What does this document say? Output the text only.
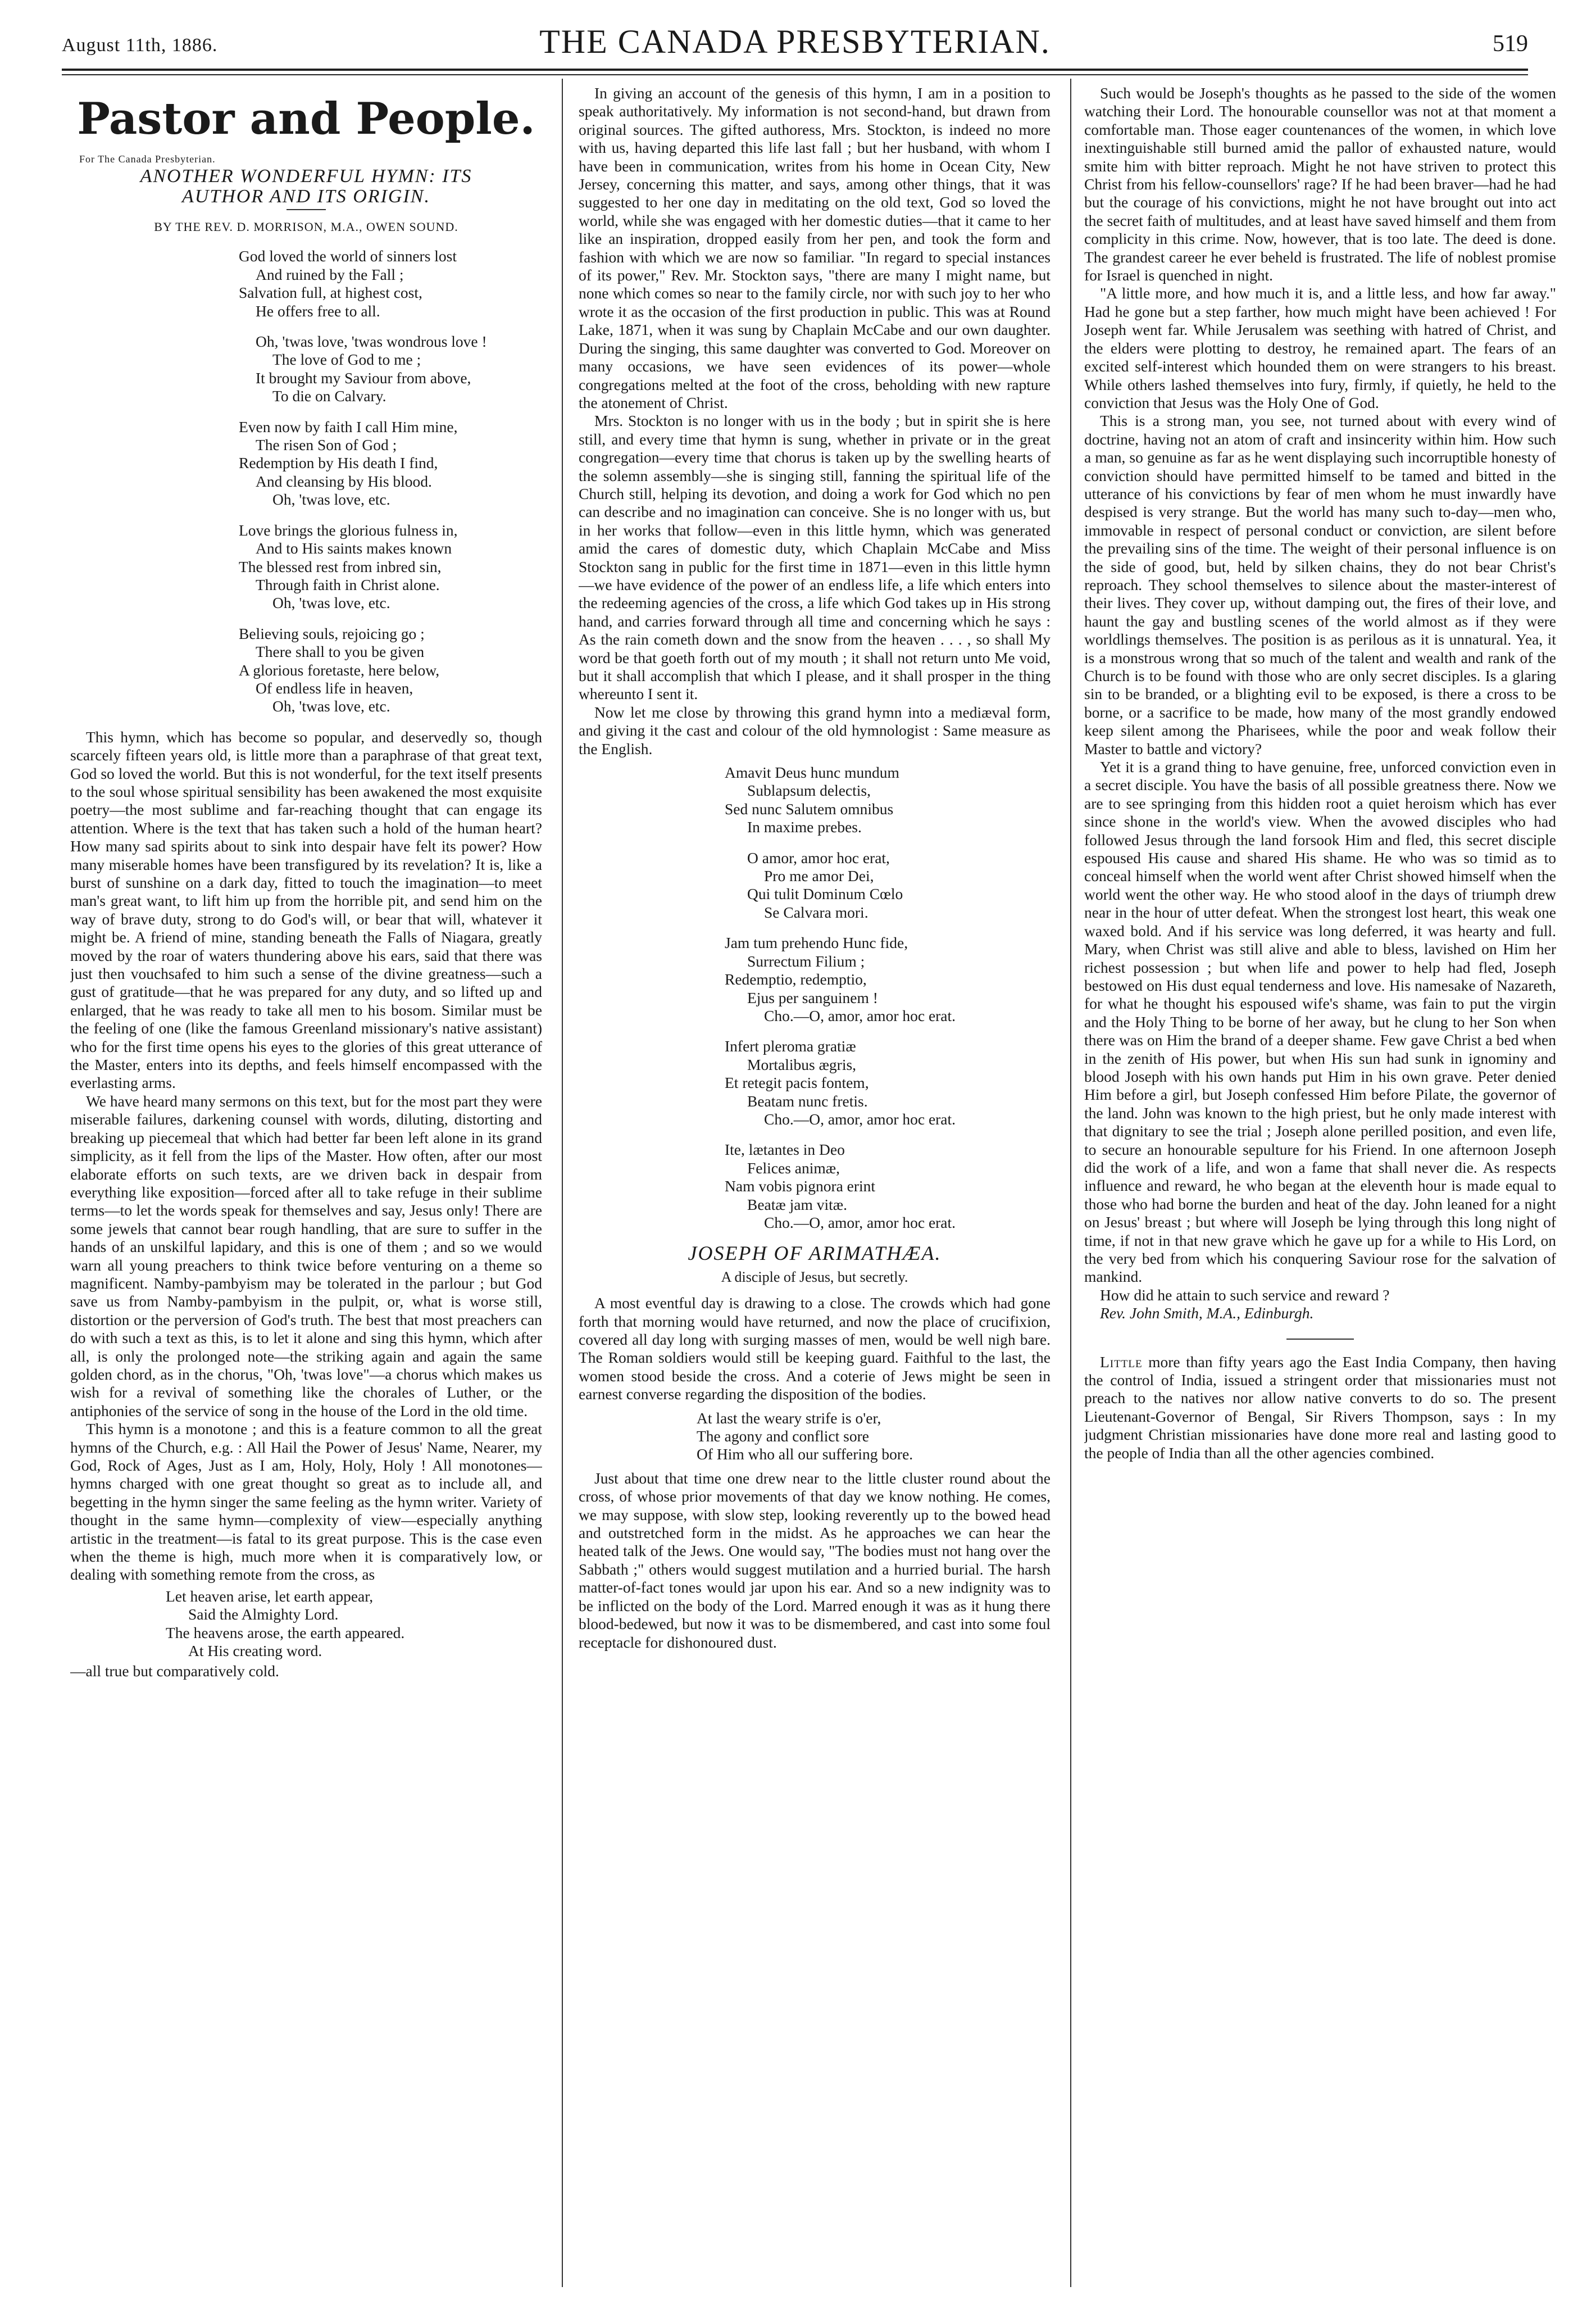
August 11th, 1886.	THE CANADA PRESBYTERIAN.	519
Pastor and People.
For The Canada Presbyterian.
ANOTHER WONDERFUL HYMN: ITS
AUTHOR AND ITS ORIGIN.
BY THE REV. D. MORRISON, M.A., OWEN SOUND.
God loved the world of sinners lost
And ruined by the Fall ;
Salvation full, at highest cost,
He offers free to all.
Oh, 'twas love, 'twas wondrous love !
The love of God to me ;
It brought my Saviour from above,
To die on Calvary.
Even now by faith I call Him mine,
The risen Son of God ;
Redemption by His death I find,
And cleansing by His blood.
Oh, 'twas love, etc.
Love brings the glorious fulness in,
And to His saints makes known
The blessed rest from inbred sin,
Through faith in Christ alone.
Oh, 'twas love, etc.
Believing souls, rejoicing go ;
There shall to you be given
A glorious foretaste, here below,
Of endless life in heaven,
Oh, 'twas love, etc.

This hymn, which has become so popular, and deservedly so, though scarcely fifteen years old, is little more than a paraphrase of that great text, God so loved the world. But this is not wonderful, for the text itself presents to the soul whose spiritual sensibility has been awakened the most exquisite poetry—the most sublime and far-reaching thought that can engage its attention. Where is the text that has taken such a hold of the human heart? How many sad spirits about to sink into despair have felt its power? How many miserable homes have been transfigured by its revelation? It is, like a burst of sunshine on a dark day, fitted to touch the imagination—to meet man's great want, to lift him up from the horrible pit, and send him on the way of brave duty, strong to do God's will, or bear that will, whatever it might be. A friend of mine, standing beneath the Falls of Niagara, greatly moved by the roar of waters thundering above his ears, said that there was just then vouchsafed to him such a sense of the divine greatness—such a gust of gratitude—that he was prepared for any duty, and so lifted up and enlarged, that he was ready to take all men to his bosom. Similar must be the feeling of one (like the famous Greenland missionary's native assistant) who for the first time opens his eyes to the glories of this great utterance of the Master, enters into its depths, and feels himself encompassed with the everlasting arms.

We have heard many sermons on this text, but for the most part they were miserable failures, darkening counsel with words, diluting, distorting and breaking up piecemeal that which had better far been left alone in its grand simplicity, as it fell from the lips of the Master. How often, after our most elaborate efforts on such texts, are we driven back in despair from everything like exposition—forced after all to take refuge in their sublime terms—to let the words speak for themselves and say, Jesus only! There are some jewels that cannot bear rough handling, that are sure to suffer in the hands of an unskilful lapidary, and this is one of them ; and so we would warn all young preachers to think twice before venturing on a theme so magnificent. Namby-pambyism may be tolerated in the parlour ; but God save us from Namby-pambyism in the pulpit, or, what is worse still, distortion or the perversion of God's truth. The best that most preachers can do with such a text as this, is to let it alone and sing this hymn, which after all, is only the prolonged note—the striking again and again the same golden chord, as in the chorus, "Oh, 'twas love"—a chorus which makes us wish for a revival of something like the chorales of Luther, or the antiphonies of the service of song in the house of the Lord in the old time.

This hymn is a monotone ; and this is a feature common to all the great hymns of the Church, e.g. : All Hail the Power of Jesus' Name, Nearer, my God, Rock of Ages, Just as I am, Holy, Holy, Holy ! All monotones—hymns charged with one great thought so great as to include all, and begetting in the hymn singer the same feeling as the hymn writer. Variety of thought in the same hymn—complexity of view—especially anything artistic in the treatment—is fatal to its great purpose. This is the case even when the theme is high, much more when it is comparatively low, or dealing with something remote from the cross, as

Let heaven arise, let earth appear,
Said the Almighty Lord.
The heavens arose, the earth appeared.
At His creating word.

—all true but comparatively cold.

In giving an account of the genesis of this hymn, I am in a position to speak authoritatively. My information is not second-hand, but drawn from original sources. The gifted authoress, Mrs. Stockton, is indeed no more with us, having departed this life last fall ; but her husband, with whom I have been in communication, writes from his home in Ocean City, New Jersey, concerning this matter, and says, among other things, that it was suggested to her one day in meditating on the old text, God so loved the world, while she was engaged with her domestic duties—that it came to her like an inspiration, dropped easily from her pen, and took the form and fashion with which we are now so familiar. "In regard to special instances of its power," Rev. Mr. Stockton says, "there are many I might name, but none which comes so near to the family circle, nor with such joy to her who wrote it as the occasion of the first production in public. This was at Round Lake, 1871, when it was sung by Chaplain McCabe and our own daughter. During the singing, this same daughter was converted to God. Moreover on many occasions, we have seen evidences of its power—whole congregations melted at the foot of the cross, beholding with new rapture the atonement of Christ.

Mrs. Stockton is no longer with us in the body ; but in spirit she is here still, and every time that hymn is sung, whether in private or in the great congregation—every time that chorus is taken up by the swelling hearts of the solemn assembly—she is singing still, fanning the spiritual life of the Church still, helping its devotion, and doing a work for God which no pen can describe and no imagination can conceive. She is no longer with us, but in her works that follow—even in this little hymn, which was generated amid the cares of domestic duty, which Chaplain McCabe and Miss Stockton sang in public for the first time in 1871—even in this little hymn—we have evidence of the power of an endless life, a life which enters into the redeeming agencies of the cross, a life which God takes up in His strong hand, and carries forward through all time and concerning which he says : As the rain cometh down and the snow from the heaven . . . , so shall My word be that goeth forth out of my mouth ; it shall not return unto Me void, but it shall accomplish that which I please, and it shall prosper in the thing whereunto I sent it.

Now let me close by throwing this grand hymn into a mediæval form, and giving it the cast and colour of the old hymnologist : Same measure as the English.

Amavit Deus hunc mundum
Sublapsum delectis,
Sed nunc Salutem omnibus
In maxime prebes.
O amor, amor hoc erat,
Pro me amor Dei,
Qui tulit Dominum Cœlo
Se Calvara mori.
Jam tum prehendo Hunc fide,
Surrectum Filium ;
Redemptio, redemptio,
Ejus per sanguinem !
Cho.—O, amor, amor hoc erat.
Infert pleroma gratiæ
Mortalibus ægris,
Et retegit pacis fontem,
Beatam nunc fretis.
Cho.—O, amor, amor hoc erat.
Ite, lætantes in Deo
Felices animæ,
Nam vobis pignora erint
Beatæ jam vitæ.
Cho.—O, amor, amor hoc erat.
JOSEPH OF ARIMATHÆA.
A disciple of Jesus, but secretly.

A most eventful day is drawing to a close. The crowds which had gone forth that morning would have returned, and now the place of crucifixion, covered all day long with surging masses of men, would be well nigh bare. The Roman soldiers would still be keeping guard. Faithful to the last, the women stood beside the cross. And a coterie of Jews might be seen in earnest converse regarding the disposition of the bodies.

At last the weary strife is o'er,
The agony and conflict sore
Of Him who all our suffering bore.

Just about that time one drew near to the little cluster round about the cross, of whose prior movements of that day we know nothing. He comes, we may suppose, with slow step, looking reverently up to the bowed head and outstretched form in the midst. As he approaches we can hear the heated talk of the Jews. One would say, "The bodies must not hang over the Sabbath ;" others would suggest mutilation and a hurried burial. The harsh matter-of-fact tones would jar upon his ear. And so a new indignity was to be inflicted on the body of the Lord. Marred enough it was as it hung there blood-bedewed, but now it was to be dismembered, and cast into some foul receptacle for dishonoured dust.

Such would be Joseph's thoughts as he passed to the side of the women watching their Lord. The honourable counsellor was not at that moment a comfortable man. Those eager countenances of the women, in which love inextinguishable still burned amid the pallor of exhausted nature, would smite him with bitter reproach. Might he not have striven to protect this Christ from his fellow-counsellors' rage? If he had been braver—had he had but the courage of his convictions, might he not have brought out into act the secret faith of multitudes, and at least have saved himself and them from complicity in this crime. Now, however, that is too late. The deed is done. The grandest career he ever beheld is frustrated. The life of noblest promise for Israel is quenched in night.

"A little more, and how much it is, and a little less, and how far away." Had he gone but a step farther, how much might have been achieved ! For Joseph went far. While Jerusalem was seething with hatred of Christ, and the elders were plotting to destroy, he remained apart. The fears of an excited self-interest which hounded them on were strangers to his breast. While others lashed themselves into fury, firmly, if quietly, he held to the conviction that Jesus was the Holy One of God.

This is a strong man, you see, not turned about with every wind of doctrine, having not an atom of craft and insincerity within him. How such a man, so genuine as far as he went displaying such incorruptible honesty of conviction should have permitted himself to be tamed and bitted in the utterance of his convictions by fear of men whom he must inwardly have despised is very strange. But the world has many such to-day—men who, immovable in respect of personal conduct or conviction, are silent before the prevailing sins of the time. The weight of their personal influence is on the side of good, but, held by silken chains, they do not bear Christ's reproach. They school themselves to silence about the master-interest of their lives. They cover up, without damping out, the fires of their love, and haunt the gay and bustling scenes of the world almost as if they were worldlings themselves. The position is as perilous as it is unnatural. Yea, it is a monstrous wrong that so much of the talent and wealth and rank of the Church is to be found with those who are only secret disciples. Is a glaring sin to be branded, or a blighting evil to be exposed, is there a cross to be borne, or a sacrifice to be made, how many of the most grandly endowed keep silent among the Pharisees, while the poor and weak follow their Master to battle and victory?

Yet it is a grand thing to have genuine, free, unforced conviction even in a secret disciple. You have the basis of all possible greatness there. Now we are to see springing from this hidden root a quiet heroism which has ever since shone in the world's view. When the avowed disciples who had followed Jesus through the land forsook Him and fled, this secret disciple espoused His cause and shared His shame. He who was so timid as to conceal himself when the world went after Christ showed himself when the world went the other way. He who stood aloof in the days of triumph drew near in the hour of utter defeat. When the strongest lost heart, this weak one waxed bold. And if his service was long deferred, it was hearty and full. Mary, when Christ was still alive and able to bless, lavished on Him her richest possession ; but when life and power to help had fled, Joseph bestowed on His dust equal tenderness and love. His namesake of Nazareth, for what he thought his espoused wife's shame, was fain to put the virgin and the Holy Thing to be borne of her away, but he clung to her Son when there was on Him the brand of a deeper shame. Few gave Christ a bed when in the zenith of His power, but when His sun had sunk in ignominy and blood Joseph with his own hands put Him in his own grave. Peter denied Him before a girl, but Joseph confessed Him before Pilate, the governor of the land. John was known to the high priest, but he only made interest with that dignitary to see the trial ; Joseph alone perilled position, and even life, to secure an honourable sepulture for his Friend. In one afternoon Joseph did the work of a life, and won a fame that shall never die. As respects influence and reward, he who began at the eleventh hour is made equal to those who had borne the burden and heat of the day. John leaned for a night on Jesus' breast ; but where will Joseph be lying through this long night of time, if not in that new grave which he gave up for a while to His Lord, on the very bed from which his conquering Saviour rose for the salvation of mankind.

How did he attain to such service and reward ?

Rev. John Smith, M.A., Edinburgh.

Little more than fifty years ago the East India Company, then having the control of India, issued a stringent order that missionaries must not preach to the natives nor allow native converts to do so. The present Lieutenant-Governor of Bengal, Sir Rivers Thompson, says : In my judgment Christian missionaries have done more real and lasting good to the people of India than all the other agencies combined.
